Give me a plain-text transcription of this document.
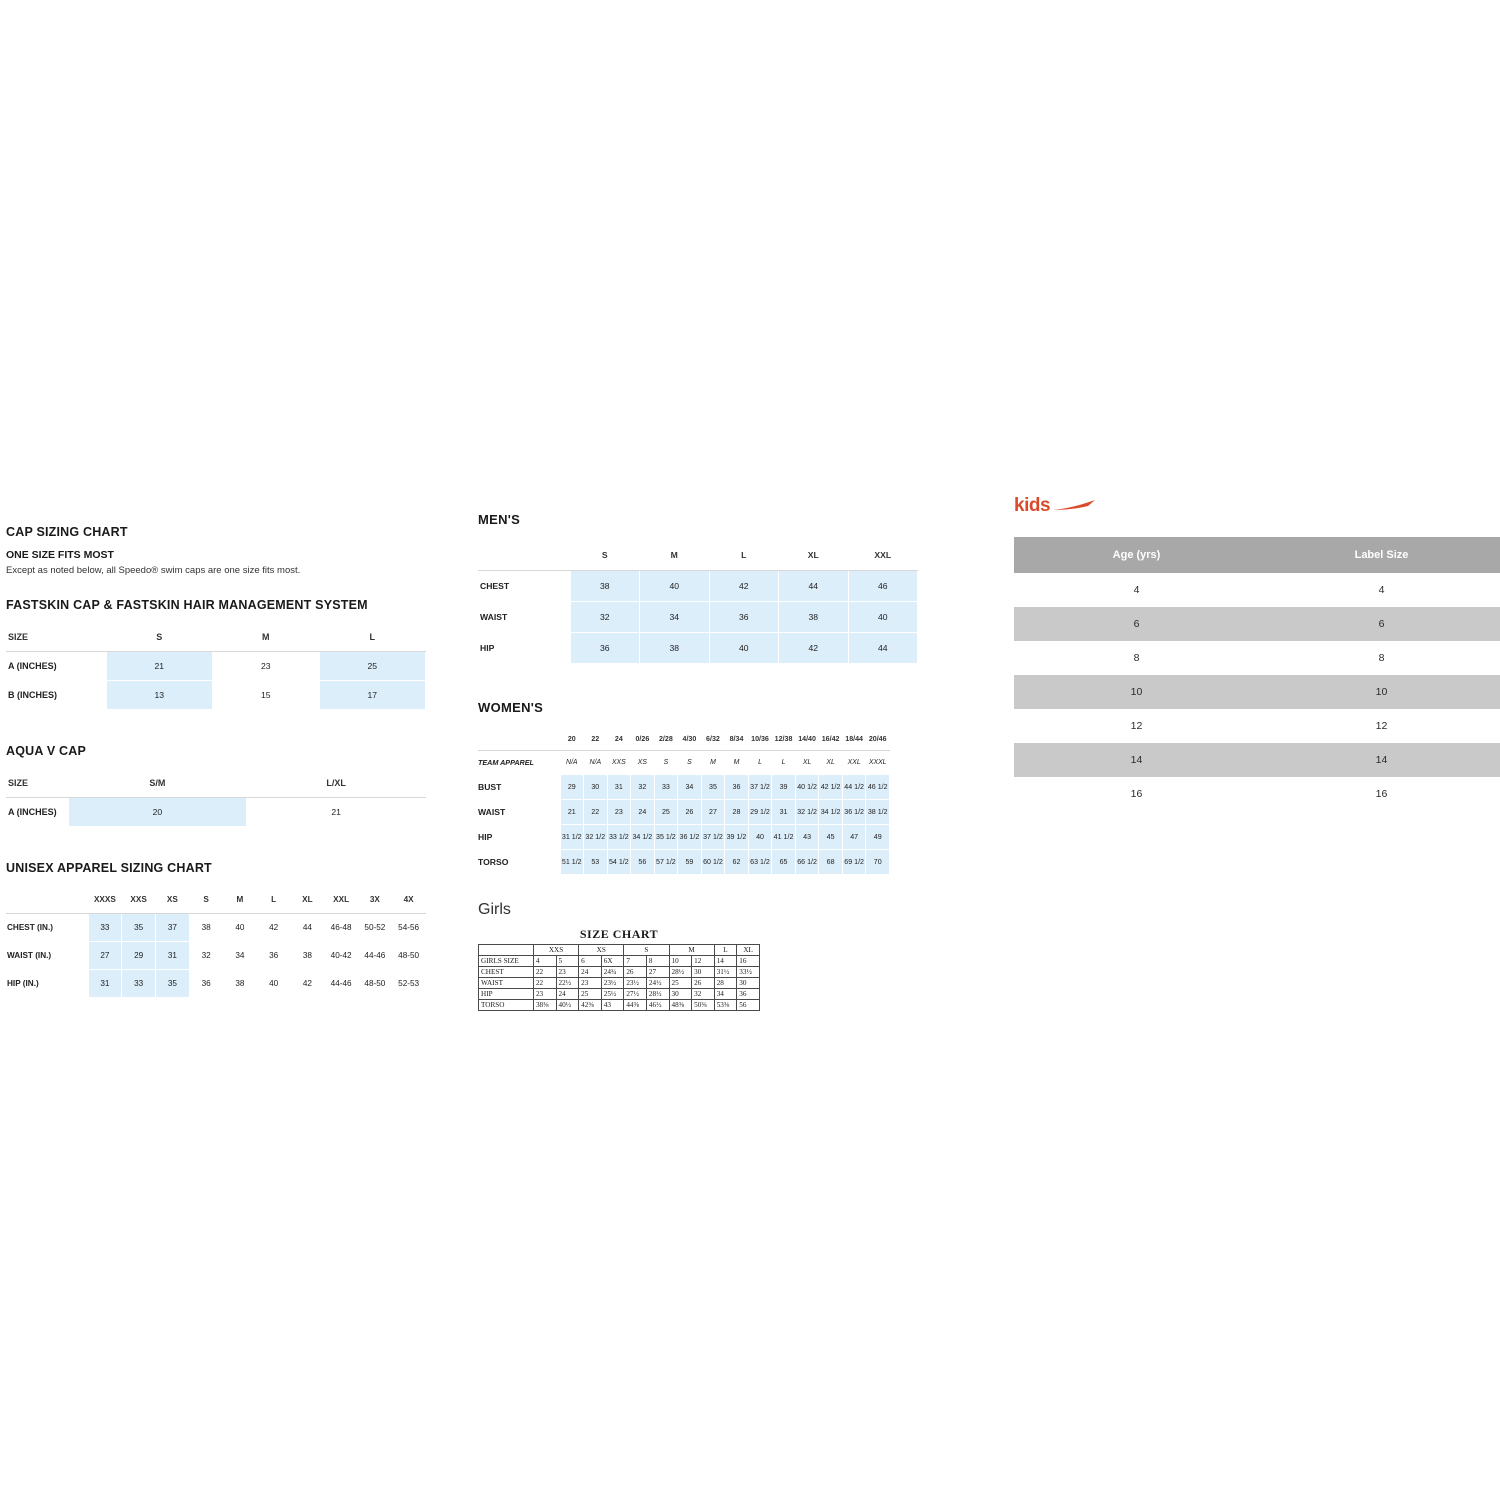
CAP SIZING CHART
ONE SIZE FITS MOST
Except as noted below, all Speedo® swim caps are one size fits most.
FASTSKIN CAP & FASTSKIN HAIR MANAGEMENT SYSTEM
SIZE	S	M	L
A (INCHES)	21	23	25
B (INCHES)	13	15	17
AQUA V CAP
SIZE	S/M	L/XL
A (INCHES)	20	21
UNISEX APPAREL SIZING CHART
	XXXS	XXS	XS	S	M	L	XL	XXL	3X	4X
CHEST (IN.)	33	35	37	38	40	42	44	46-48	50-52	54-56
WAIST (IN.)	27	29	31	32	34	36	38	40-42	44-46	48-50
HIP (IN.)	31	33	35	36	38	40	42	44-46	48-50	52-53
MEN'S
	S	M	L	XL	XXL
CHEST	38	40	42	44	46
WAIST	32	34	36	38	40
HIP	36	38	40	42	44
WOMEN'S
	20	22	24	0/26	2/28	4/30	6/32	8/34	10/36	12/38	14/40	16/42	18/44	20/46
TEAM APPAREL	N/A	N/A	XXS	XS	S	S	M	M	L	L	XL	XL	XXL	XXXL
BUST	29	30	31	32	33	34	35	36	37 1/2	39	40 1/2	42 1/2	44 1/2	46 1/2
WAIST	21	22	23	24	25	26	27	28	29 1/2	31	32 1/2	34 1/2	36 1/2	38 1/2
HIP	31 1/2	32 1/2	33 1/2	34 1/2	35 1/2	36 1/2	37 1/2	39 1/2	40	41 1/2	43	45	47	49
TORSO	51 1/2	53	54 1/2	56	57 1/2	59	60 1/2	62	63 1/2	65	66 1/2	68	69 1/2	70
Girls
SIZE CHART
	XXS		XS		S		M		L	XL
GIRLS SIZE	4	5	6	6X	7	8	10	12	14	16
CHEST	22	23	24	24¾	26	27	28½	30	31½	33½
WAIST	22	22½	23	23½	23½	24½	25	26	28	30
HIP	23	24	25	25½	27½	28½	30	32	34	36
TORSO	38⅜	40½	42⅜	43	44⅜	46½	48⅜	50⅜	53⅜	56
kids
Age (yrs)	Label Size
4	4
6	6
8	8
10	10
12	12
14	14
16	16
